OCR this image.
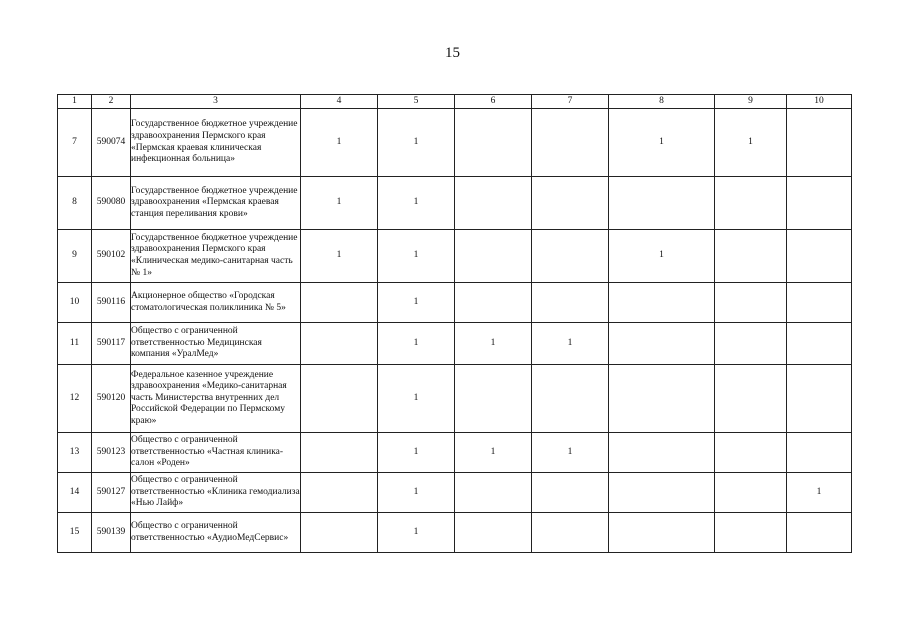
15
1	2	3	4	5	6	7	8	9	10
7	590074	Государственное бюджетное учреждение здравоохранения Пермского края «Пермская краевая клиническая инфекционная больница»	1	1			1	1	
8	590080	Государственное бюджетное учреждение здравоохранения «Пермская краевая станция переливания крови»	1	1					
9	590102	Государственное бюджетное учреждение здравоохранения Пермского края «Клиническая медико-санитарная часть № 1»	1	1			1		
10	590116	Акционерное общество «Городская стоматологическая поликлиника № 5»		1					
11	590117	Общество с ограниченной ответственностью Медицинская компания «УралМед»		1	1	1			
12	590120	Федеральное казенное учреждение здравоохранения «Медико-санитарная часть Министерства внутренних дел Российской Федерации по Пермскому краю»		1					
13	590123	Общество с ограниченной ответственностью «Частная клиника-салон «Роден»		1	1	1			
14	590127	Общество с ограниченной ответственностью «Клиника гемодиализа «Нью Лайф»		1					1
15	590139	Общество с ограниченной ответственностью «АудиоМедСервис»		1					
